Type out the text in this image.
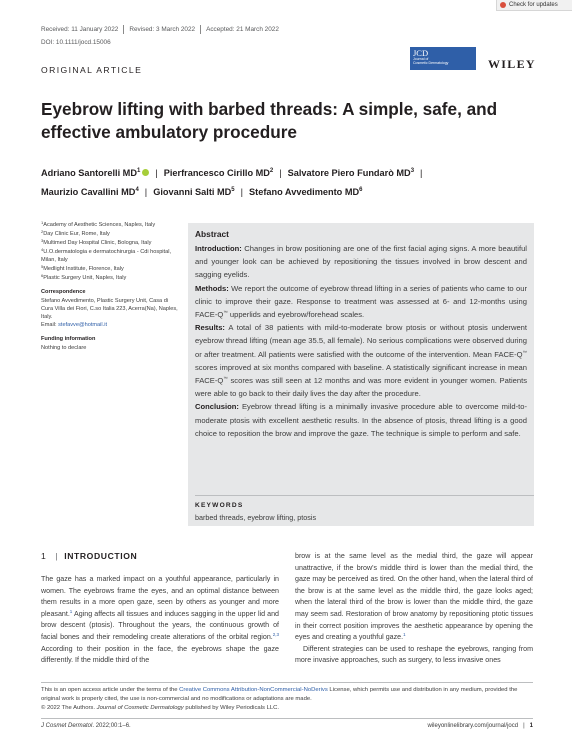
Check for updates
Received: 11 January 2022 Revised: 3 March 2022 Accepted: 21 March 2022
DOI: 10.1111/jocd.15006
ORIGINAL ARTICLE
JCD
Journal of
Cosmetic Dermatology	WILEY
Eyebrow lifting with barbed threads: A simple, safe, and
effective ambulatory procedure
Adriano Santorelli $MD^1$ | Pierfrancesco Cirillo $MD^2$ | Salvatore Piero Fundarò $MD^3$ |
Maurizio Cavallini $MD^4$ | Giovanni Salti $MD^5$ | Stefano Avvedimento $MD^6$
$^1$Academy of Aesthetic Sciences, Naples, Italy
$^2$Day Clinic Eur, Rome, Italy
$^3$Multimed Day Hospital Clinic, Bologna, Italy
$^4$U.O.dermatologia e dermatochirurgia - Cdi hospital, Milan, Italy
$^5$Medlight Institute, Florence, Italy
$^6$Plastic Surgery Unit, Naples, Italy
Correspondence
Stefano Avvedimento, Plastic Surgery Unit, Casa di Cura Villa dei Fiori, C.so Italia 223, Acerra(Na), Naples, Italy.
Email: stefavve@hotmail.it
Funding information
Nothing to declare
Abstract

Introduction: Changes in brow positioning are one of the first facial aging signs. A more beautiful and younger look can be achieved by repositioning the tissues involved in brow descent and sagging eyelids.

Methods: We report the outcome of eyebrow thread lifting in a series of patients who came to our clinic to improve their gaze. Response to treatment was assessed at 6- and 12-months using FACE-Q™ upperlids and eyebrow/forehead scales.

Results: A total of 38 patients with mild-to-moderate brow ptosis or without ptosis underwent eyebrow thread lifting (mean age 35.5, all female). No serious complications were observed during or after treatment. All patients were satisfied with the outcome of the intervention. Mean FACE-Q™ scores improved at six months compared with baseline. A statistically significant increase in mean FACE-Q™ scores was still seen at 12 months and was more evident in younger women. Patients were able to go back to their daily lives the day after the procedure.

Conclusion: Eyebrow thread lifting is a minimally invasive procedure able to overcome mild-to-moderate ptosis with excellent aesthetic results. In the absence of ptosis, thread lifting is a good choice to reposition the brow and improve the gaze. The technique is simple to perform and safe.

KEYWORDS
barbed threads, eyebrow lifting, ptosis
1 | INTRODUCTION

The gaze has a marked impact on a youthful appearance, particularly in women. The eyebrows frame the eyes, and an optimal distance between them results in a more open gaze, seen by others as younger and more pleasant.$^1$ Aging affects all tissues and induces sagging in the upper lid and brow descent (ptosis). Throughout the years, the continuous growth of facial bones and their remodeling create alterations of the orbital region.$^{2,3}$ According to their position in the face, the eyebrows shape the gaze differently. If the middle third of the

brow is at the same level as the medial third, the gaze will appear unattractive, if the brow's middle third is lower than the medial third, the gaze may be perceived as tired. On the other hand, when the lateral third of the brow is at the same level as the middle third, the gaze looks aged; when the lateral third of the brow is lower than the middle third, the gaze may seem sad. Restoration of brow anatomy by repositioning ptotic tissues in their correct position improves the aesthetic appearance by opening the eyes and creating a youthful gaze.$^1$

Different strategies can be used to reshape the eyebrows, ranging from more invasive approaches, such as surgery, to less invasive ones

This is an open access article under the terms of the Creative Commons Attribution-NonCommercial-NoDerivs License, which permits use and distribution in any medium, provided the original work is properly cited, the use is non-commercial and no modifications or adaptations are made.
© 2022 The Authors. Journal of Cosmetic Dermatology published by Wiley Periodicals LLC.
J Cosmet Dermatol. 2022;00:1–6.	wileyonlinelibrary.com/journal/jocd | 1
